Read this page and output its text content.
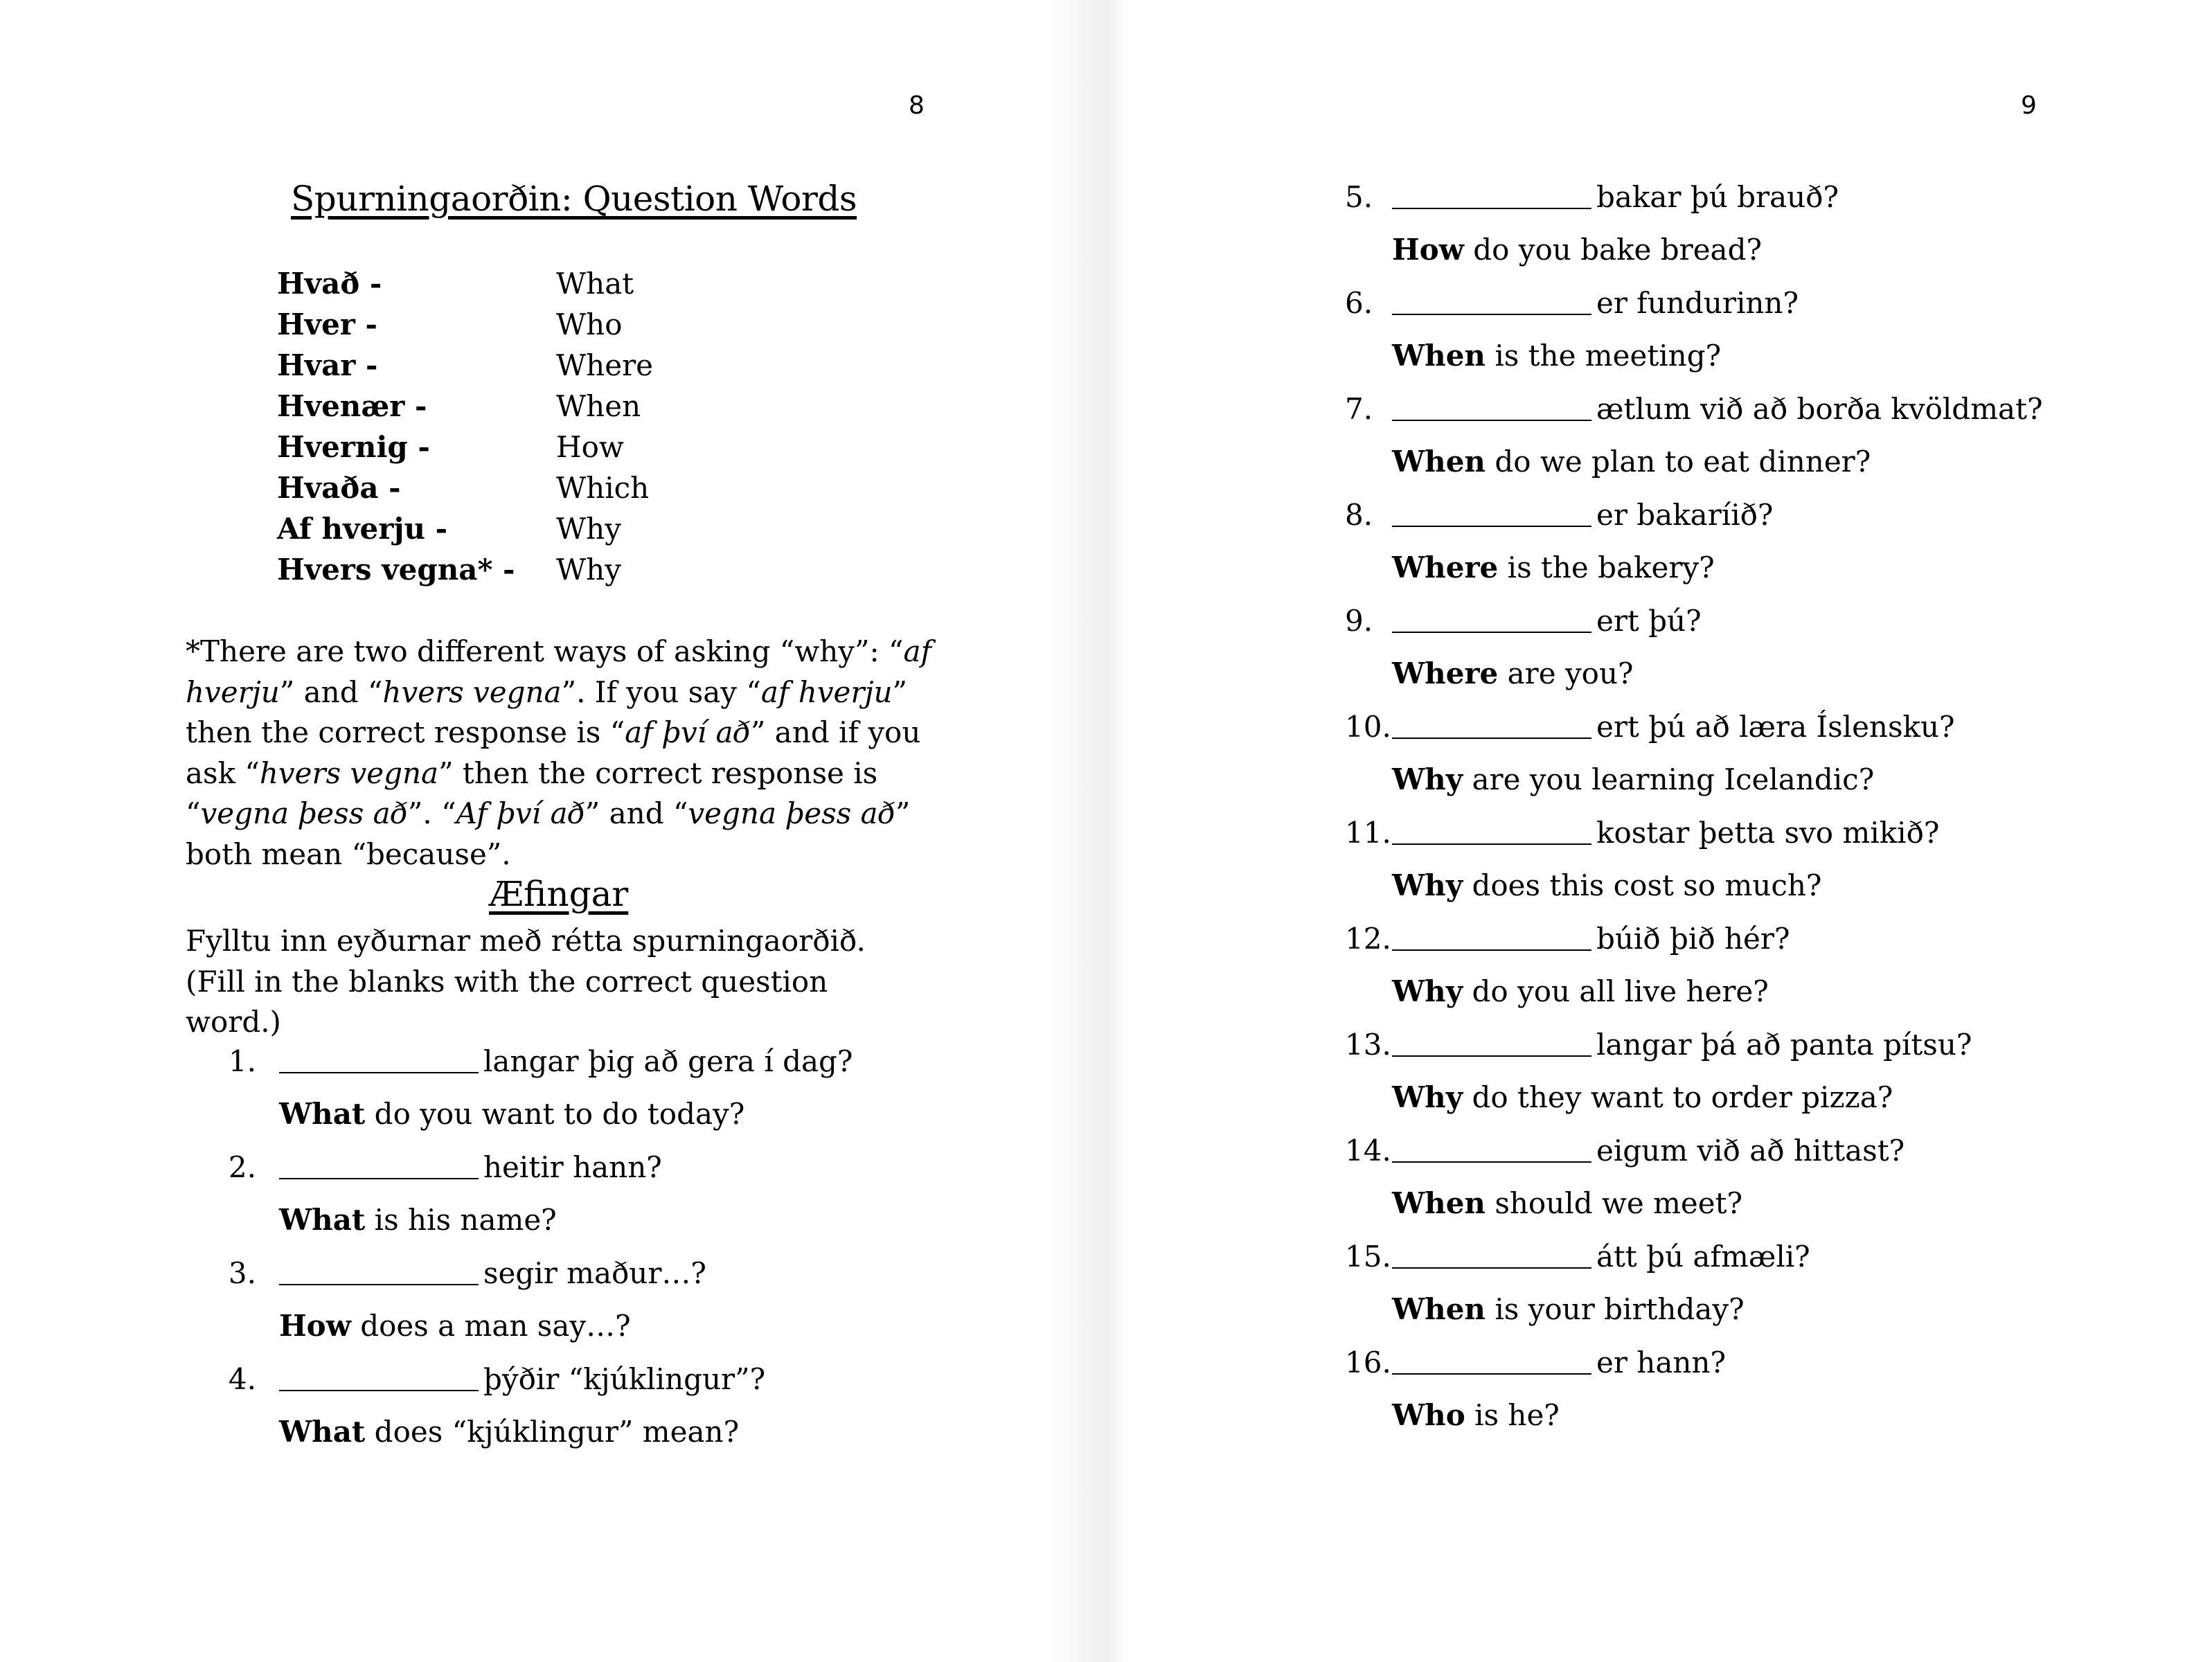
8
Spurningaorðin: Question Words
Hvað -	What
Hver -	Who
Hvar -	Where
Hvenær -	When
Hvernig -	How
Hvaða -	Which
Af hverju -	Why
Hvers vegna* - Why
*There are two different ways of asking “why”: “af hverju” and “hvers vegna”. If you say “af hverju” then the correct response is “af því að” and if you ask “hvers vegna” then the correct response is “vegna þess að”. “Af því að” and “vegna þess að” both mean “because”.
Æfingar
Fylltu inn eyðurnar með rétta spurningaorðið. (Fill in the blanks with the correct question word.)
1.	langar þig að gera í dag?
What do you want to do today?
2.	heitir hann?
What is his name?
3.	segir maður…?
How does a man say…?
4.	þýðir “kjúklingur”?
What does “kjúklingur” mean?
9
5.	bakar þú brauð?
How do you bake bread?
6.	er fundurinn?
When is the meeting?
7.	ætlum við að borða kvöldmat?
When do we plan to eat dinner?
8.	er bakaríið?
Where is the bakery?
9.	ert þú?
Where are you?
10.	ert þú að læra Íslensku?
Why are you learning Icelandic?
11.	kostar þetta svo mikið?
Why does this cost so much?
12.	búið þið hér?
Why do you all live here?
13.	langar þá að panta pítsu?
Why do they want to order pizza?
14.	eigum við að hittast?
When should we meet?
15.	átt þú afmæli?
When is your birthday?
16.	er hann?
Who is he?
